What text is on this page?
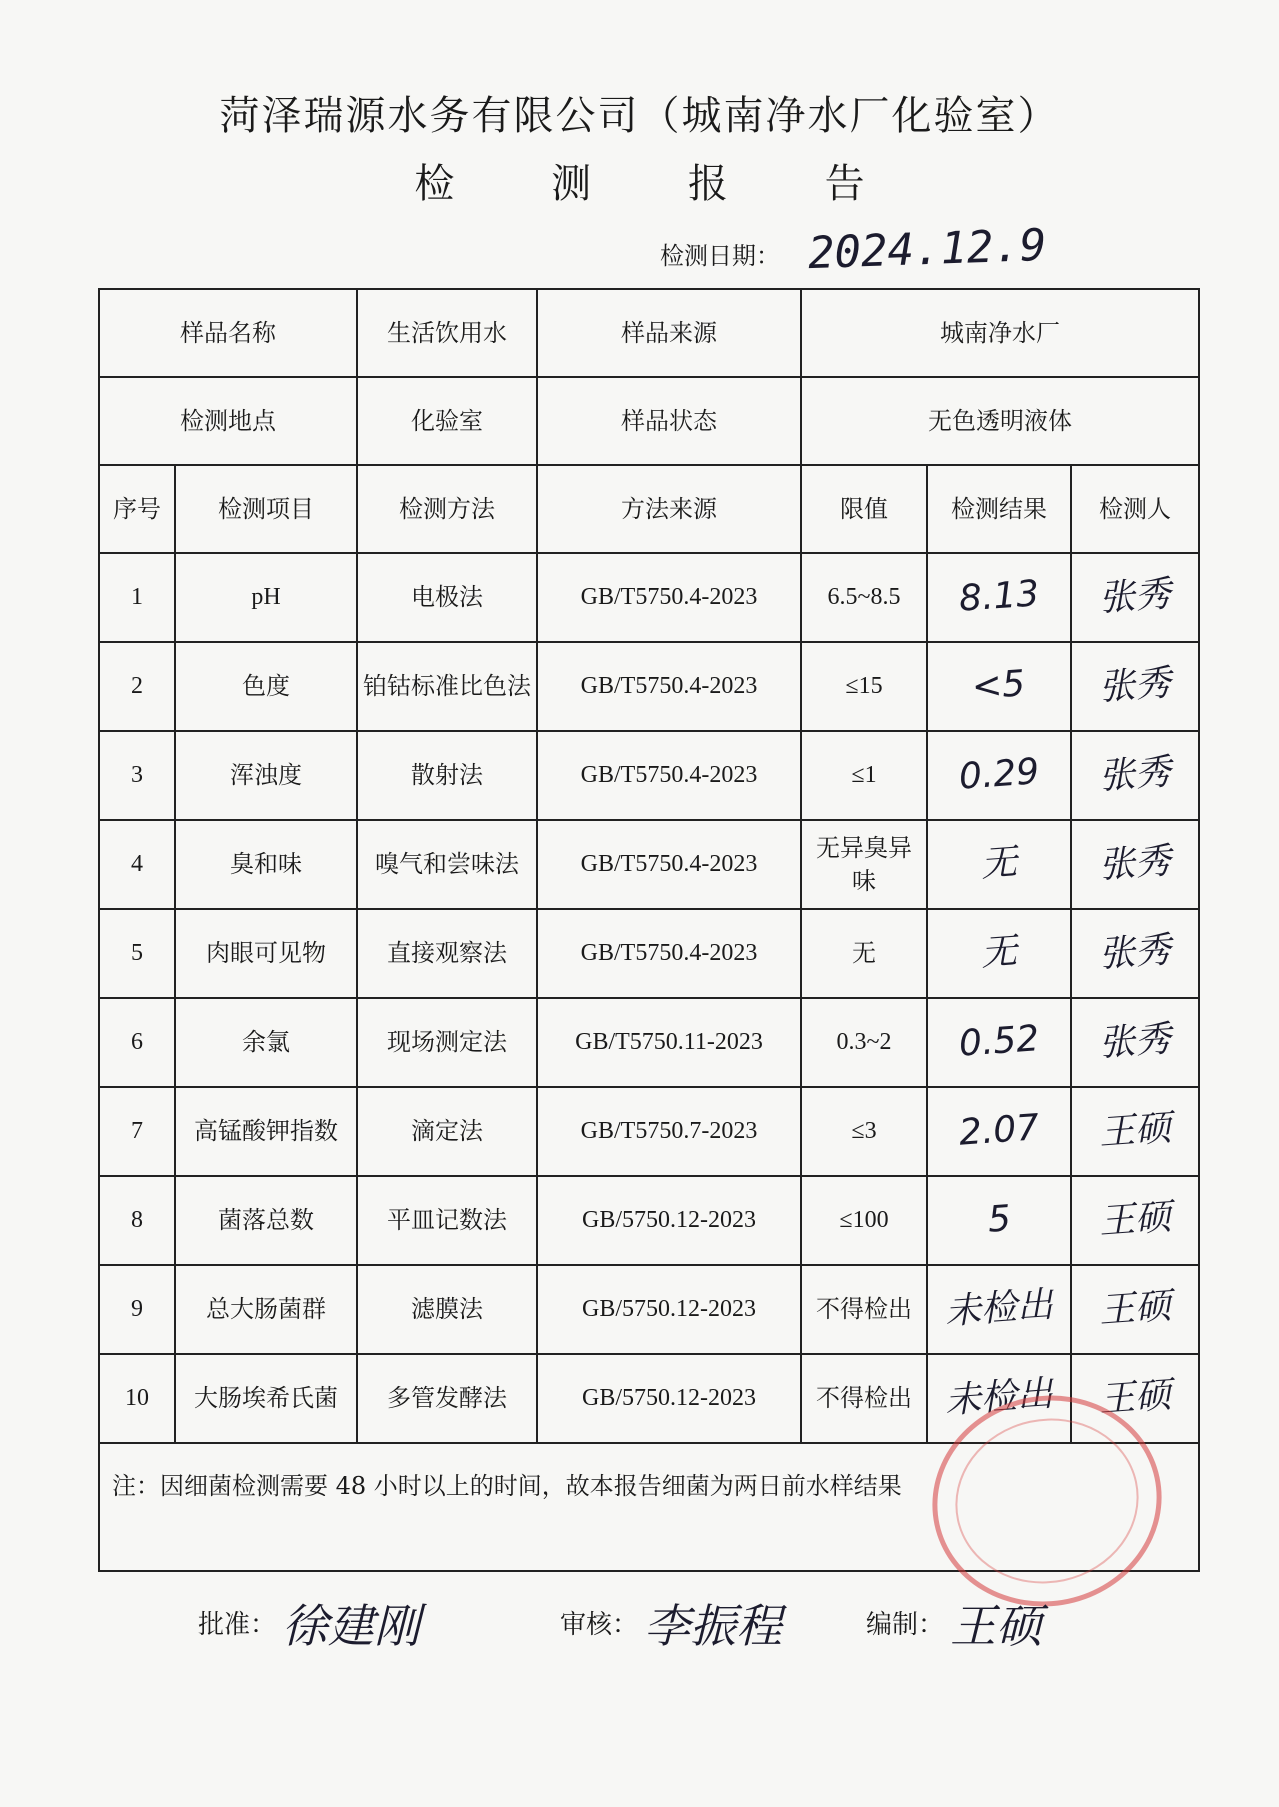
菏泽瑞源水务有限公司（城南净水厂化验室）
检 测 报 告
检测日期： 2024.12.9
样品名称		生活饮用水	样品来源	城南净水厂		
检测地点		化验室	样品状态	无色透明液体		
序号	检测项目	检测方法	方法来源	限值	检测结果	检测人
1	pH	电极法	GB/T5750.4-2023	6.5~8.5	8.13	张秀
2	色度	铂钴标准比色法	GB/T5750.4-2023	≤15	<5	张秀
3	浑浊度	散射法	GB/T5750.4-2023	≤1	0.29	张秀
4	臭和味	嗅气和尝味法	GB/T5750.4-2023	无异臭异味	无	张秀
5	肉眼可见物	直接观察法	GB/T5750.4-2023	无	无	张秀
6	余氯	现场测定法	GB/T5750.11-2023	0.3~2	0.52	张秀
7	高锰酸钾指数	滴定法	GB/T5750.7-2023	≤3	2.07	王硕
8	菌落总数	平皿记数法	GB/5750.12-2023	≤100	5	王硕
9	总大肠菌群	滤膜法	GB/5750.12-2023	不得检出	未检出	王硕
10	大肠埃希氏菌	多管发酵法	GB/5750.12-2023	不得检出	未检出	王硕
注：因细菌检测需要 48 小时以上的时间，故本报告细菌为两日前水样结果						
批准： 徐建刚	审核： 李振程	编制： 王硕
